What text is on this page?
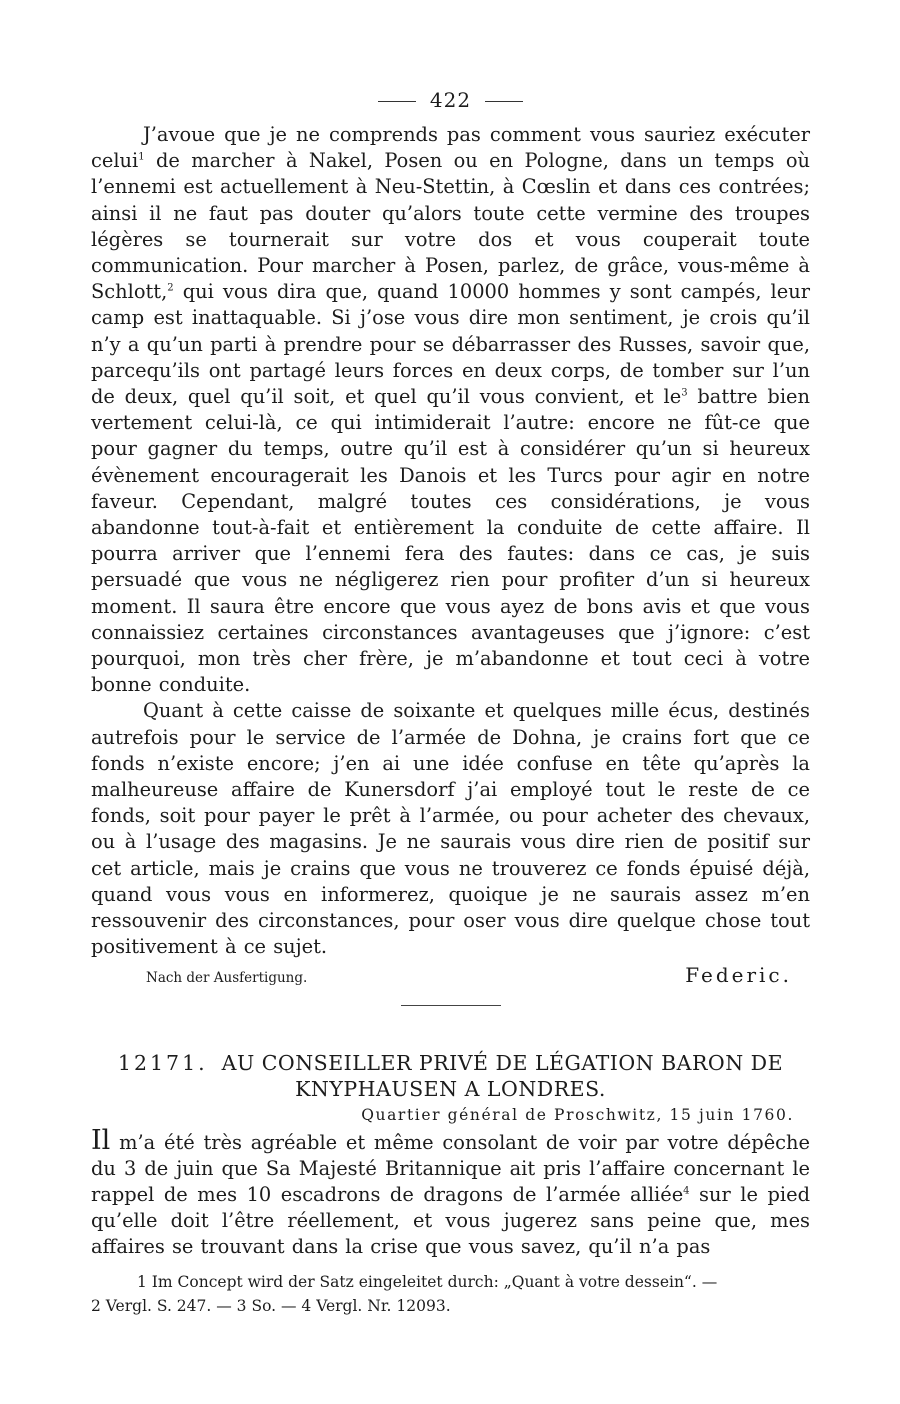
422

J’avoue que je ne comprends pas comment vous sauriez exécuter celui$^1$ de marcher à Nakel, Posen ou en Pologne, dans un temps où l’ennemi est actuellement à Neu-Stettin, à Cœslin et dans ces contrées; ainsi il ne faut pas douter qu’alors toute cette vermine des troupes légères se tournerait sur votre dos et vous couperait toute communication. Pour marcher à Posen, parlez, de grâce, vous-même à Schlott,$^2$ qui vous dira que, quand 10000 hommes y sont campés, leur camp est inattaquable. Si j’ose vous dire mon sentiment, je crois qu’il n’y a qu’un parti à prendre pour se débarrasser des Russes, savoir que, parcequ’ils ont partagé leurs forces en deux corps, de tomber sur l’un de deux, quel qu’il soit, et quel qu’il vous convient, et $le^3$ battre bien vertement celui-là, ce qui intimiderait l’autre: encore ne fût-ce que pour gagner du temps, outre qu’il est à considérer qu’un si heureux évènement encouragerait les Danois et les Turcs pour agir en notre faveur. Cependant, malgré toutes ces considérations, je vous abandonne tout-à-fait et entièrement la conduite de cette affaire. Il pourra arriver que l’ennemi fera des fautes: dans ce cas, je suis persuadé que vous ne négligerez rien pour profiter d’un si heureux moment. Il saura être encore que vous ayez de bons avis et que vous connaissiez certaines circonstances avantageuses que j’ignore: c’est pourquoi, mon très cher frère, je m’abandonne et tout ceci à votre bonne conduite.

Quant à cette caisse de soixante et quelques mille écus, destinés autrefois pour le service de l’armée de Dohna, je crains fort que ce fonds n’existe encore; j’en ai une idée confuse en tête qu’après la malheureuse affaire de Kunersdorf j’ai employé tout le reste de ce fonds, soit pour payer le prêt à l’armée, ou pour acheter des chevaux, ou à l’usage des magasins. Je ne saurais vous dire rien de positif sur cet article, mais je crains que vous ne trouverez ce fonds épuisé déjà, quand vous vous en informerez, quoique je ne saurais assez m’en ressouvenir des circonstances, pour oser vous dire quelque chose tout positivement à ce sujet.

Nach der Ausfertigung.	Federic.
12171. AU CONSEILLER PRIVÉ DE LÉGATION BARON DE
KNYPHAUSEN A LONDRES.
Quartier général de Proschwitz, 15 juin 1760.

Il m’a été très agréable et même consolant de voir par votre dépêche du 3 de juin que Sa Majesté Britannique ait pris l’affaire concernant le rappel de mes 10 escadrons de dragons de l’armée alliée$^4$ sur le pied qu’elle doit l’être réellement, et vous jugerez sans peine que, mes affaires se trouvant dans la crise que vous savez, qu’il n’a pas

1 Im Concept wird der Satz eingeleitet durch: „Quant à votre dessein“. —
2 Vergl. S. 247. — 3 So. — 4 Vergl. Nr. 12093.
